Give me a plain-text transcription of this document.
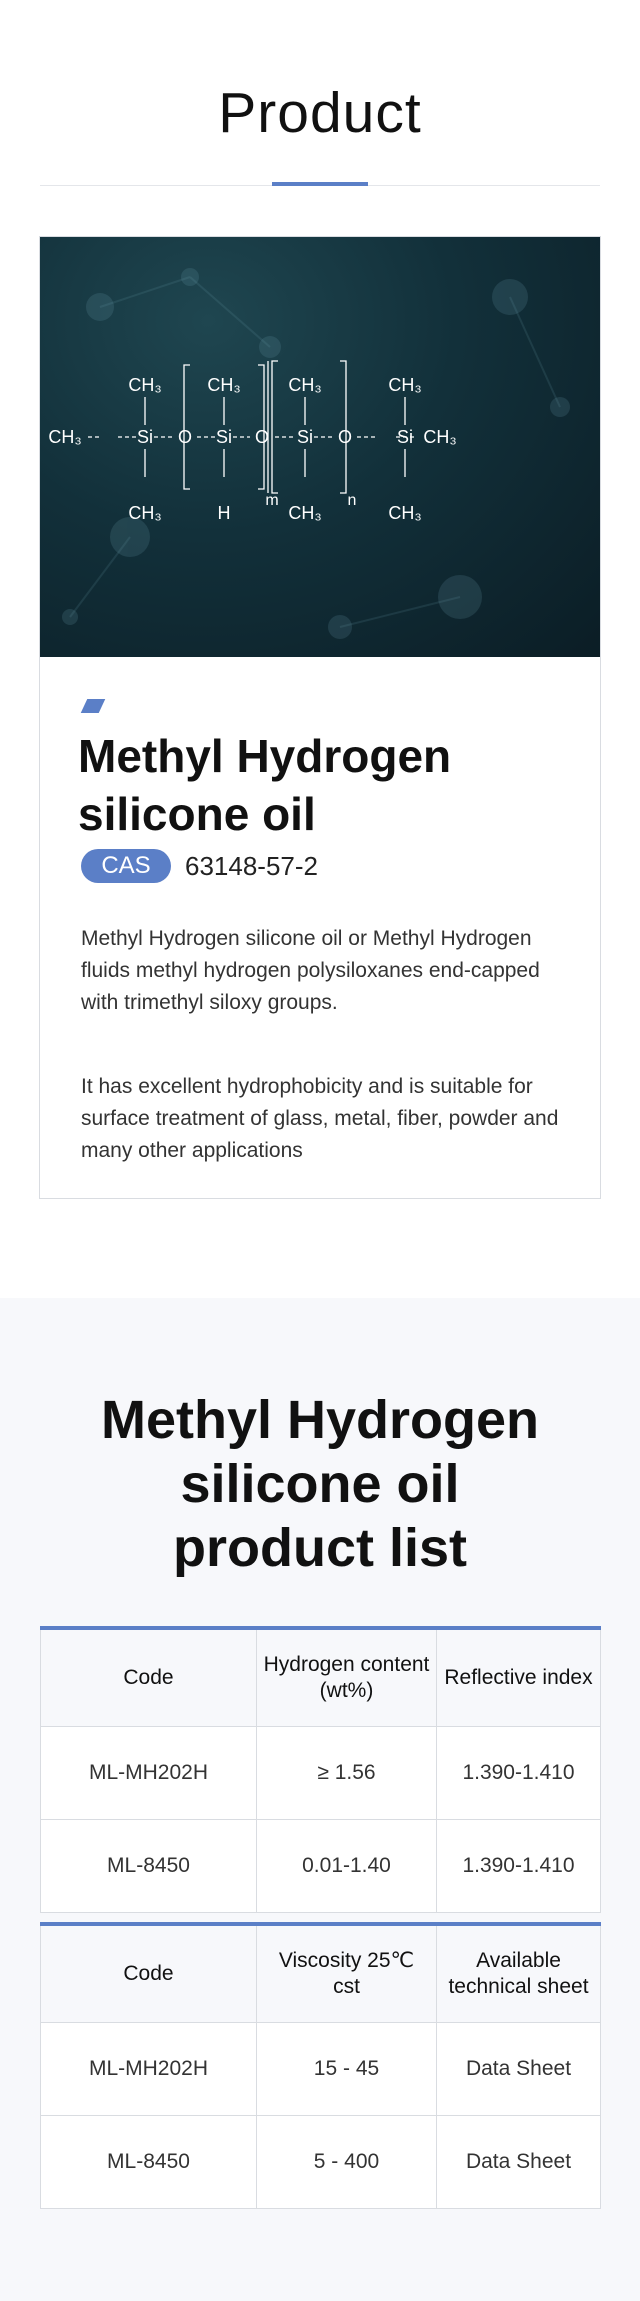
Product
CH₃	CH₃	CH₃	CH₃
CH₃	Si O Si O Si O Si CH₃
CH₃	H	CH₃	CH₃
m	n
Methyl Hydrogen
silicone oil
CAS	63148-57-2

Methyl Hydrogen silicone oil or Methyl Hydrogen fluids methyl hydrogen polysiloxanes end-capped with trimethyl siloxy groups.

It has excellent hydrophobicity and is suitable for surface treatment of glass, metal, fiber, powder and many other applications

Methyl Hydrogen
silicone oil
product list
Code	Hydrogen content (wt%)	Reflective index
ML-MH202H	≥ 1.56	1.390-1.410
ML-8450	0.01-1.40	1.390-1.410
Code	Viscosity 25℃ cst	Available technical sheet
ML-MH202H	15 - 45	Data Sheet
ML-8450	5 - 400	Data Sheet
